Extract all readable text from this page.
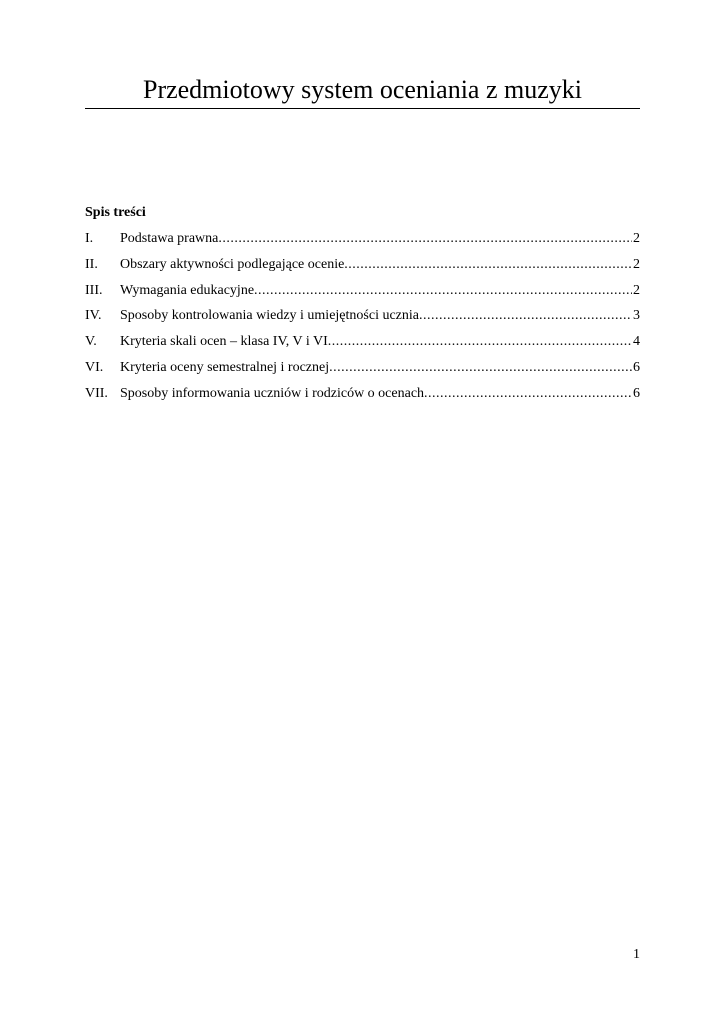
Przedmiotowy system oceniania z muzyki
Spis treści
I.	Podstawa prawna .....	2
II.	Obszary aktywności podlegające ocenie .....	2
III.	Wymagania edukacyjne .....	2
IV.	Sposoby kontrolowania wiedzy i umiejętności ucznia .....	3
V.	Kryteria skali ocen – klasa IV, V i VI .....	4
VI.	Kryteria oceny semestralnej i rocznej .....	6
VII. Sposoby informowania uczniów i rodziców o ocenach .....	6
1
